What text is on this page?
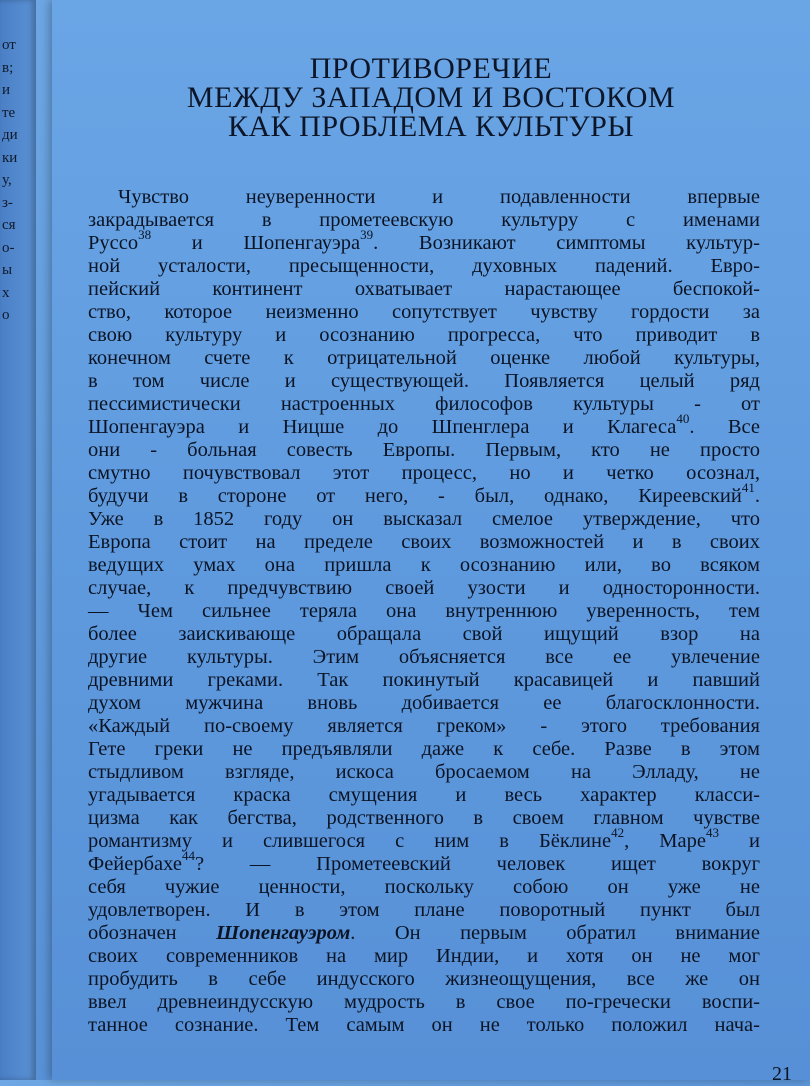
от
в;
и
те
ди
ки
у,
з-
ся
о-
ы
х
о
ПРОТИВОРЕЧИЕ
МЕЖДУ ЗАПАДОМ И ВОСТОКОМ
КАК ПРОБЛЕМА КУЛЬТУРЫ
Чувство неуверенности и подавленности впервые
закрадывается в прометеевскую культуру с именами
Руссо$^{38}$ и Шопенгауэра$^{39}$. Возникают симптомы культур-
ной усталости, пресыщенности, духовных падений. Евро-
пейский континент охватывает нарастающее беспокой-
ство, которое неизменно сопутствует чувству гордости за
свою культуру и осознанию прогресса, что приводит в
конечном счете к отрицательной оценке любой культуры,
в том числе и существующей. Появляется целый ряд
пессимистически настроенных философов культуры - от
Шопенгауэра и Ницше до Шпенглера и Клагеса$^{40}$. Все
они - больная совесть Европы. Первым, кто не просто
смутно почувствовал этот процесс, но и четко осознал,
будучи в стороне от него, - был, однако, Киреевский$^{41}$.
Уже в 1852 году он высказал смелое утверждение, что
Европа стоит на пределе своих возможностей и в своих
ведущих умах она пришла к осознанию или, во всяком
случае, к предчувствию своей узости и односторонности.
— Чем сильнее теряла она внутреннюю уверенность, тем
более заискивающе обращала свой ищущий взор на
другие культуры. Этим объясняется все ее увлечение
древними греками. Так покинутый красавицей и павший
духом мужчина вновь добивается ее благосклонности.
«Каждый по-своему является греком» - этого требования
Гете греки не предъявляли даже к себе. Разве в этом
стыдливом взгляде, искоса бросаемом на Элладу, не
угадывается краска смущения и весь характер класси-
цизма как бегства, родственного в своем главном чувстве
романтизму и слившегося с ним в Бёклине$^{42}$, Маре$^{43}$ и
Фейербахе$^{44}$? — Прометеевский человек ищет вокруг
себя чужие ценности, поскольку собою он уже не
удовлетворен. И в этом плане поворотный пункт был
обозначен Шопенгауэром. Он первым обратил внимание
своих современников на мир Индии, и хотя он не мог
пробудить в себе индусского жизнеощущения, все же он
ввел древнеиндусскую мудрость в свое по-гречески воспи-
танное сознание. Тем самым он не только положил нача-
21
